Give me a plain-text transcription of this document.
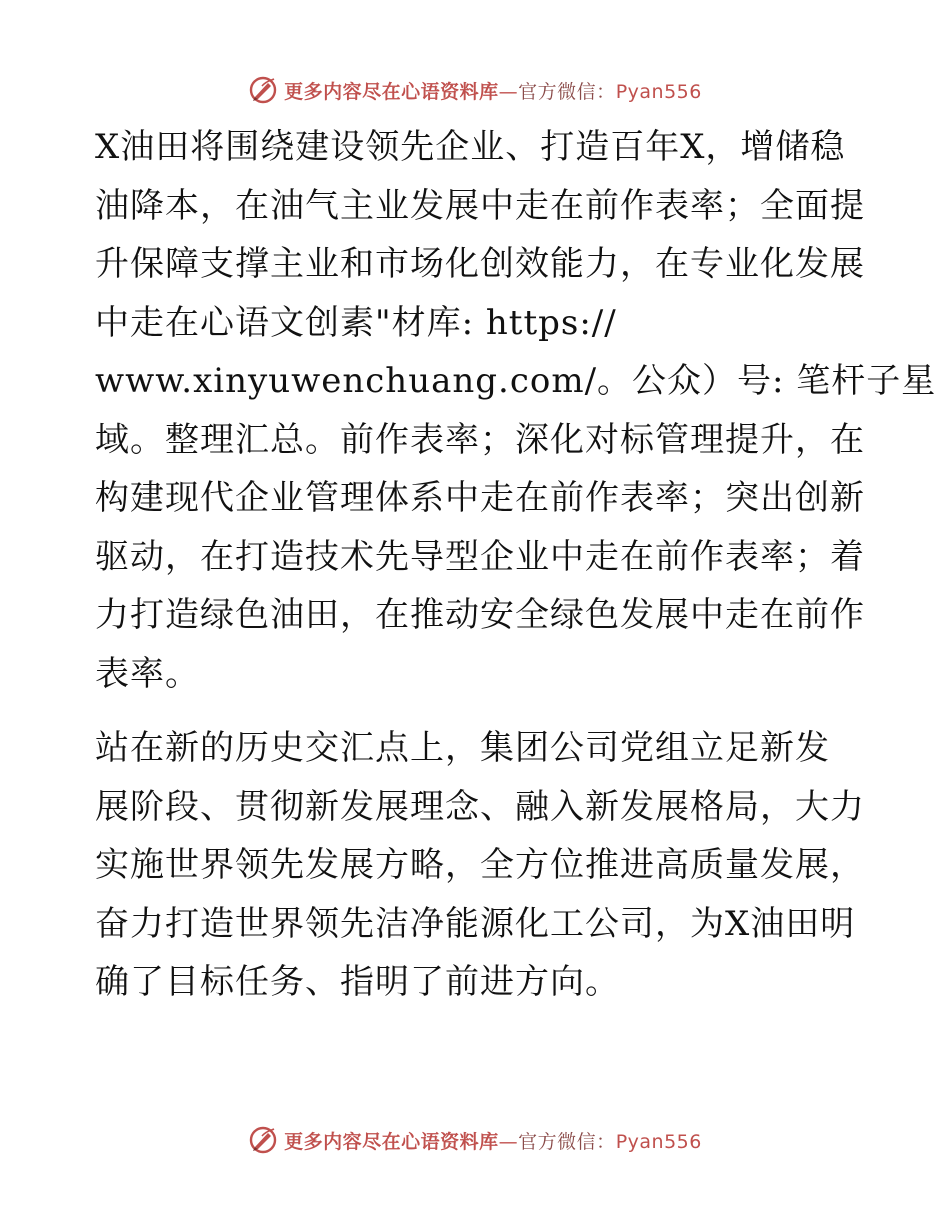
更多内容尽在心语资料库—官方微信：Pyan556
X油田将围绕建设领先企业、打造百年X，增储稳
油降本，在油气主业发展中走在前作表率；全面提
升保障支撑主业和市场化创效能力，在专业化发展
中走在心语文创素"材库: https://
www.xinyuwenchuang.com/。公众）号: 笔杆子星
域。整理汇总。前作表率；深化对标管理提升，在
构建现代企业管理体系中走在前作表率；突出创新
驱动，在打造技术先导型企业中走在前作表率；着
力打造绿色油田，在推动安全绿色发展中走在前作
表率。
站在新的历史交汇点上，集团公司党组立足新发
展阶段、贯彻新发展理念、融入新发展格局，大力
实施世界领先发展方略，全方位推进高质量发展，
奋力打造世界领先洁净能源化工公司，为X油田明
确了目标任务、指明了前进方向。
更多内容尽在心语资料库—官方微信：Pyan556
